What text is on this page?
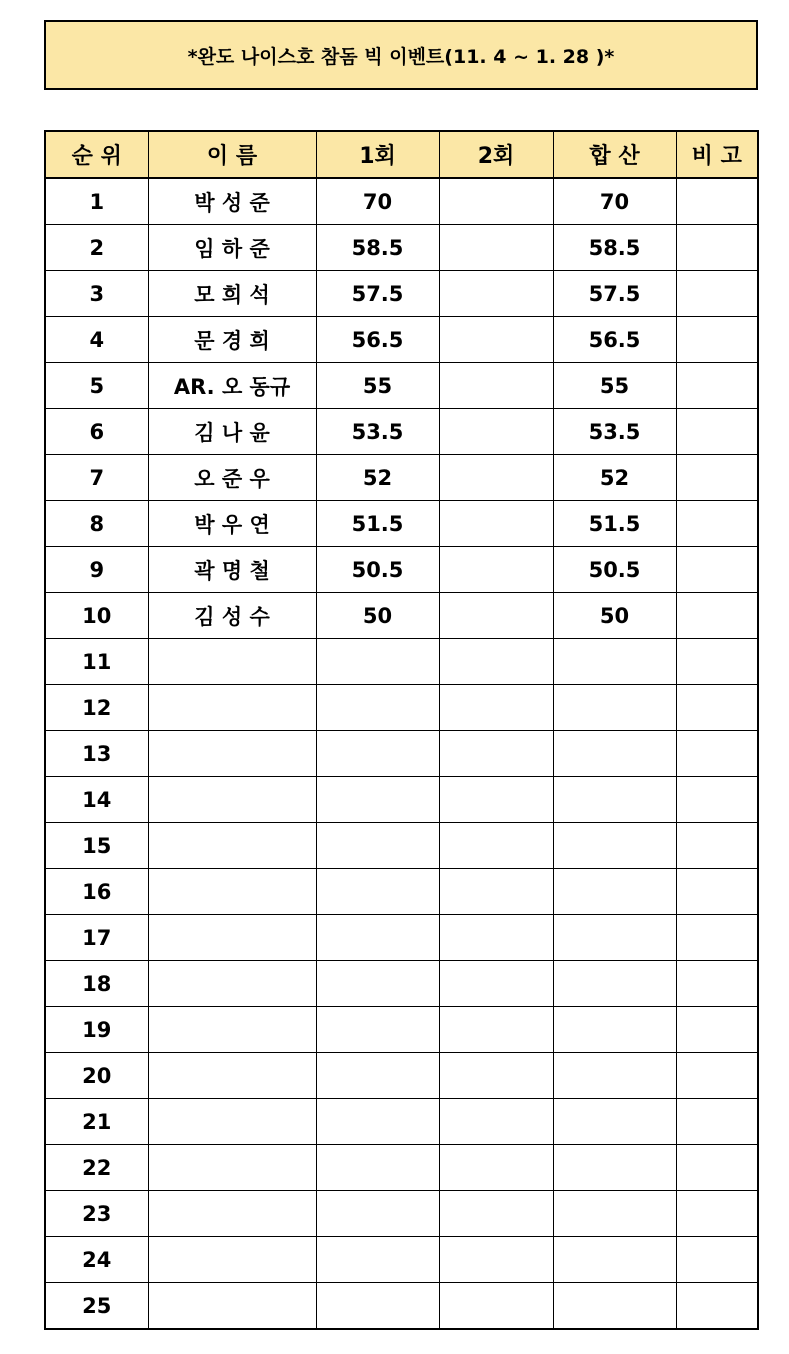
*완도 나이스호 참돔 빅 이벤트(11. 4 ~ 1. 28 )*
순 위	이 름	1회	2회	합 산	비 고
1	박 성 준	70		70	
2	임 하 준	58.5		58.5	
3	모 희 석	57.5		57.5	
4	문 경 희	56.5		56.5	
5	AR. 오 동규	55		55	
6	김 나 윤	53.5		53.5	
7	오 준 우	52		52	
8	박 우 연	51.5		51.5	
9	곽 명 철	50.5		50.5	
10	김 성 수	50		50	
11					
12					
13					
14					
15					
16					
17					
18					
19					
20					
21					
22					
23					
24					
25					
